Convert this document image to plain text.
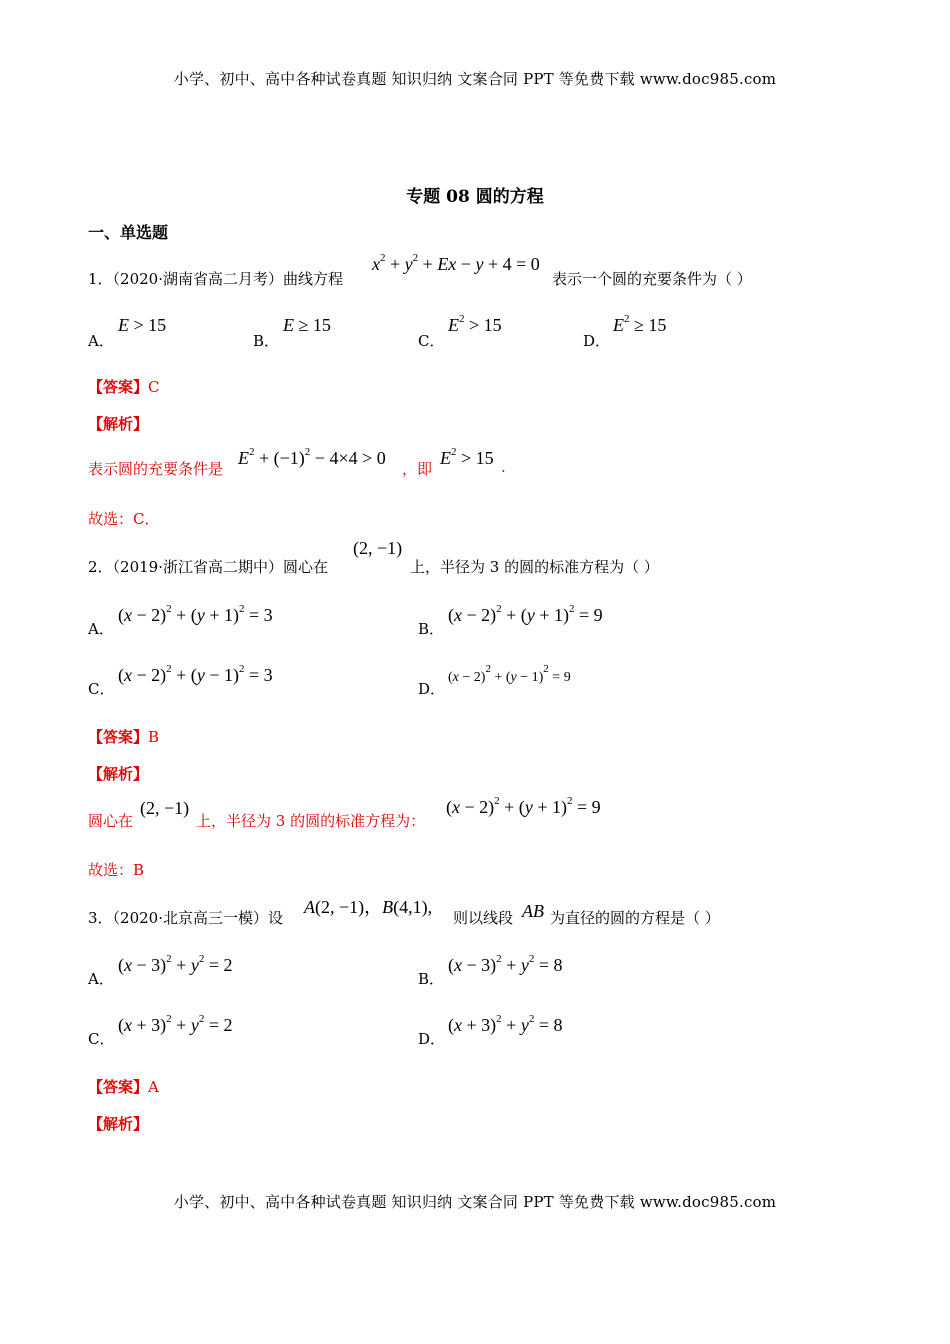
小学、初中、高中各种试卷真题 知识归纳 文案合同 PPT 等免费下载 www.doc985.com
专题 08 圆的方程
一、单选题
1．（2020·湖南省高二月考）曲线方程
$x^2 + y^2 + Ex - y + 4 = 0$
表示一个圆的充要条件为（ ）
A．
E > 15
B．
E ≥ 15
C．
$E^2 > 15$
D．
$E^2 \ge 15$
【答案】C
【解析】
表示圆的充要条件是
$E^2 + (-1)^2 - 4\times 4 > 0$
，即
$E^2 > 15$ .
故选：C．
2．（2019·浙江省高二期中）圆心在
(2, −1)
上，半径为 3 的圆的标准方程为（ ）
A．
$(x - 2)^2 + (y + 1)^2 = 3$
B．
$(x - 2)^2 + (y + 1)^2 = 9$
C．
$(x - 2)^2 + (y - 1)^2 = 3$
D．
$(x - 2)^2 + (y - 1)^2 = 9$
【答案】B
【解析】
圆心在
(2, −1)
上，半径为 3 的圆的标准方程为：
$(x - 2)^2 + (y + 1)^2 = 9$
故选：B
3．（2020·北京高三一模）设
A(2, −1)，B(4,1),
则以线段 AB 为直径的圆的方程是（ ）
A．
$(x - 3)^2 + y^2 = 2$
B．
$(x - 3)^2 + y^2 = 8$
C．
$(x + 3)^2 + y^2 = 2$
D．
$(x + 3)^2 + y^2 = 8$
【答案】A
【解析】
小学、初中、高中各种试卷真题 知识归纳 文案合同 PPT 等免费下载 www.doc985.com
